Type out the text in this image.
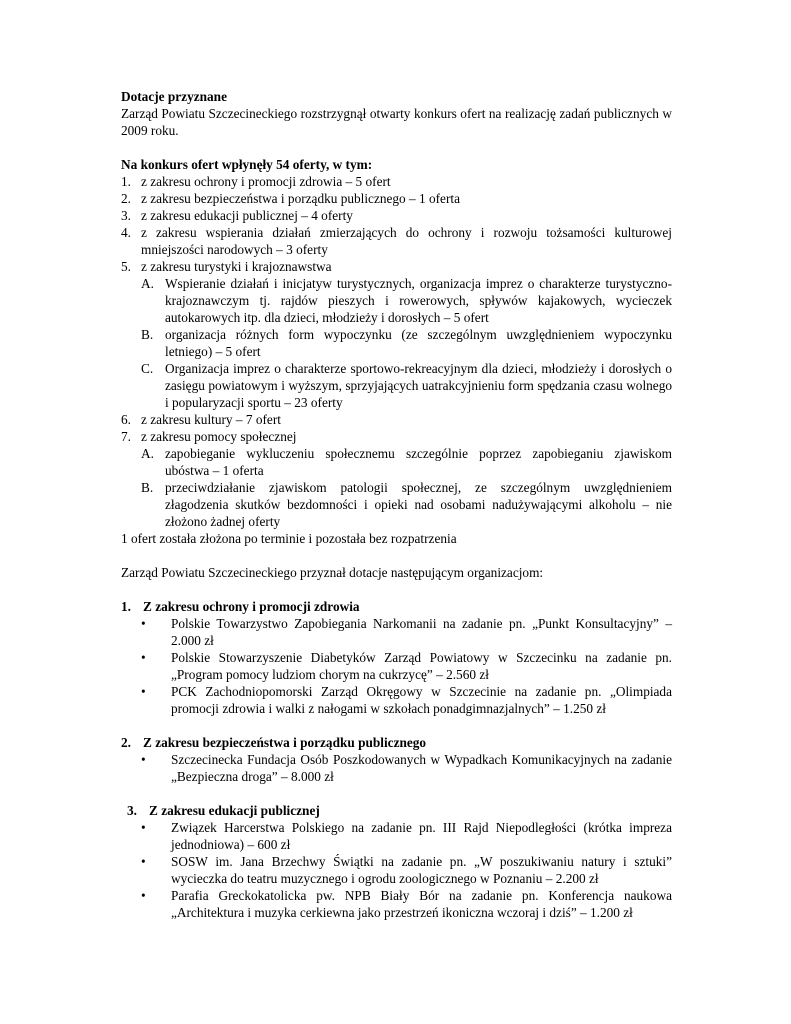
Dotacje przyznane

Zarząd Powiatu Szczecineckiego rozstrzygnął otwarty konkurs ofert na realizację zadań publicznych w 2009 roku.

Na konkurs ofert wpłynęły 54 oferty, w tym:

1. z zakresu ochrony i promocji zdrowia – 5 ofert
2. z zakresu bezpieczeństwa i porządku publicznego – 1 oferta
3. z zakresu edukacji publicznej – 4 oferty
4. z zakresu wspierania działań zmierzających do ochrony i rozwoju tożsamości kulturowej mniejszości narodowych – 3 oferty
5. z zakresu turystyki i krajoznawstwa
A. Wspieranie działań i inicjatyw turystycznych, organizacja imprez o charakterze turystyczno-krajoznawczym tj. rajdów pieszych i rowerowych, spływów kajakowych, wycieczek autokarowych itp. dla dzieci, młodzieży i dorosłych – 5 ofert
B. organizacja różnych form wypoczynku (ze szczególnym uwzględnieniem wypoczynku letniego) – 5 ofert
C. Organizacja imprez o charakterze sportowo-rekreacyjnym dla dzieci, młodzieży i dorosłych o zasięgu powiatowym i wyższym, sprzyjających uatrakcyjnieniu form spędzania czasu wolnego i popularyzacji sportu – 23 oferty
6. z zakresu kultury – 7 ofert
7. z zakresu pomocy społecznej
A. zapobieganie wykluczeniu społecznemu szczególnie poprzez zapobieganiu zjawiskom ubóstwa – 1 oferta
B. przeciwdziałanie zjawiskom patologii społecznej, ze szczególnym uwzględnieniem złagodzenia skutków bezdomności i opieki nad osobami nadużywającymi alkoholu – nie złożono żadnej oferty

1 ofert została złożona po terminie i pozostała bez rozpatrzenia

Zarząd Powiatu Szczecineckiego przyznał dotacje następującym organizacjom:

1. Z zakresu ochrony i promocji zdrowia
•	Polskie Towarzystwo Zapobiegania Narkomanii na zadanie pn. „Punkt Konsultacyjny” – 2.000 zł
•	Polskie Stowarzyszenie Diabetyków Zarząd Powiatowy w Szczecinku na zadanie pn. „Program pomocy ludziom chorym na cukrzycę” – 2.560 zł
•	PCK Zachodniopomorski Zarząd Okręgowy w Szczecinie na zadanie pn. „Olimpiada promocji zdrowia i walki z nałogami w szkołach ponadgimnazjalnych” – 1.250 zł
2. Z zakresu bezpieczeństwa i porządku publicznego
•	Szczecinecka Fundacja Osób Poszkodowanych w Wypadkach Komunikacyjnych na zadanie „Bezpieczna droga” – 8.000 zł
3. Z zakresu edukacji publicznej
•	Związek Harcerstwa Polskiego na zadanie pn. III Rajd Niepodległości (krótka impreza jednodniowa) – 600 zł
•	SOSW im. Jana Brzechwy Świątki na zadanie pn. „W poszukiwaniu natury i sztuki” wycieczka do teatru muzycznego i ogrodu zoologicznego w Poznaniu – 2.200 zł
•	Parafia Greckokatolicka pw. NPB Biały Bór na zadanie pn. Konferencja naukowa „Architektura i muzyka cerkiewna jako przestrzeń ikoniczna wczoraj i dziś” – 1.200 zł
